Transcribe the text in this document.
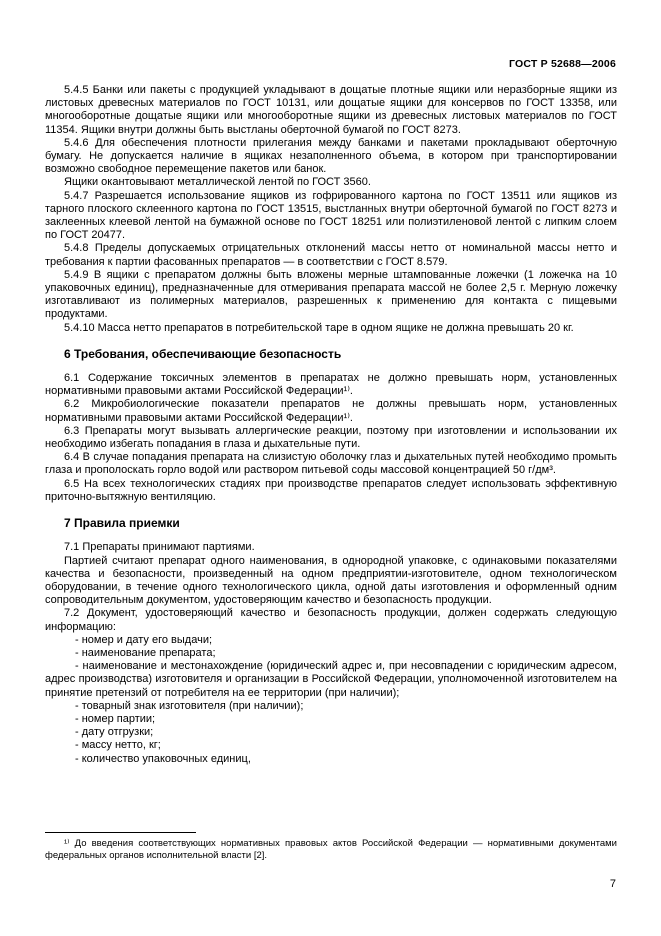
ГОСТ Р 52688—2006

5.4.5 Банки или пакеты с продукцией укладывают в дощатые плотные ящики или неразборные ящики из листовых древесных материалов по ГОСТ 10131, или дощатые ящики для консервов по ГОСТ 13358, или многооборотные дощатые ящики или многооборотные ящики из древесных листовых материалов по ГОСТ 11354. Ящики внутри должны быть выстланы оберточной бумагой по ГОСТ 8273.

5.4.6 Для обеспечения плотности прилегания между банками и пакетами прокладывают оберточную бумагу. Не допускается наличие в ящиках незаполненного объема, в котором при транспортировании возможно свободное перемещение пакетов или банок.

Ящики окантовывают металлической лентой по ГОСТ 3560.

5.4.7 Разрешается использование ящиков из гофрированного картона по ГОСТ 13511 или ящиков из тарного плоского склеенного картона по ГОСТ 13515, выстланных внутри оберточной бумагой по ГОСТ 8273 и заклеенных клеевой лентой на бумажной основе по ГОСТ 18251 или полиэтиленовой лентой с липким слоем по ГОСТ 20477.

5.4.8 Пределы допускаемых отрицательных отклонений массы нетто от номинальной массы нетто и требования к партии фасованных препаратов — в соответствии с ГОСТ 8.579.

5.4.9 В ящики с препаратом должны быть вложены мерные штампованные ложечки (1 ложечка на 10 упаковочных единиц), предназначенные для отмеривания препарата массой не более 2,5 г. Мерную ложечку изготавливают из полимерных материалов, разрешенных к применению для контакта с пищевыми продуктами.

5.4.10 Масса нетто препаратов в потребительской таре в одном ящике не должна превышать 20 кг.

6 Требования, обеспечивающие безопасность

6.1 Содержание токсичных элементов в препаратах не должно превышать норм, установленных нормативными правовыми актами Российской Федерации¹⁾.

6.2 Микробиологические показатели препаратов не должны превышать норм, установленных нормативными правовыми актами Российской Федерации¹⁾.

6.3 Препараты могут вызывать аллергические реакции, поэтому при изготовлении и использовании их необходимо избегать попадания в глаза и дыхательные пути.

6.4 В случае попадания препарата на слизистую оболочку глаз и дыхательных путей необходимо промыть глаза и прополоскать горло водой или раствором питьевой соды массовой концентрацией 50 г/дм³.

6.5 На всех технологических стадиях при производстве препаратов следует использовать эффективную приточно-вытяжную вентиляцию.

7 Правила приемки

7.1 Препараты принимают партиями.

Партией считают препарат одного наименования, в однородной упаковке, с одинаковыми показателями качества и безопасности, произведенный на одном предприятии-изготовителе, одном технологическом оборудовании, в течение одного технологического цикла, одной даты изготовления и оформленный одним сопроводительным документом, удостоверяющим качество и безопасность продукции.

7.2 Документ, удостоверяющий качество и безопасность продукции, должен содержать следующую информацию:

- номер и дату его выдачи;

- наименование препарата;

- наименование и местонахождение (юридический адрес и, при несовпадении с юридическим адресом, адрес производства) изготовителя и организации в Российской Федерации, уполномоченной изготовителем на принятие претензий от потребителя на ее территории (при наличии);

- товарный знак изготовителя (при наличии);

- номер партии;

- дату отгрузки;

- массу нетто, кг;

- количество упаковочных единиц,

¹⁾ До введения соответствующих нормативных правовых актов Российской Федерации — нормативными документами федеральных органов исполнительной власти [2].

7
